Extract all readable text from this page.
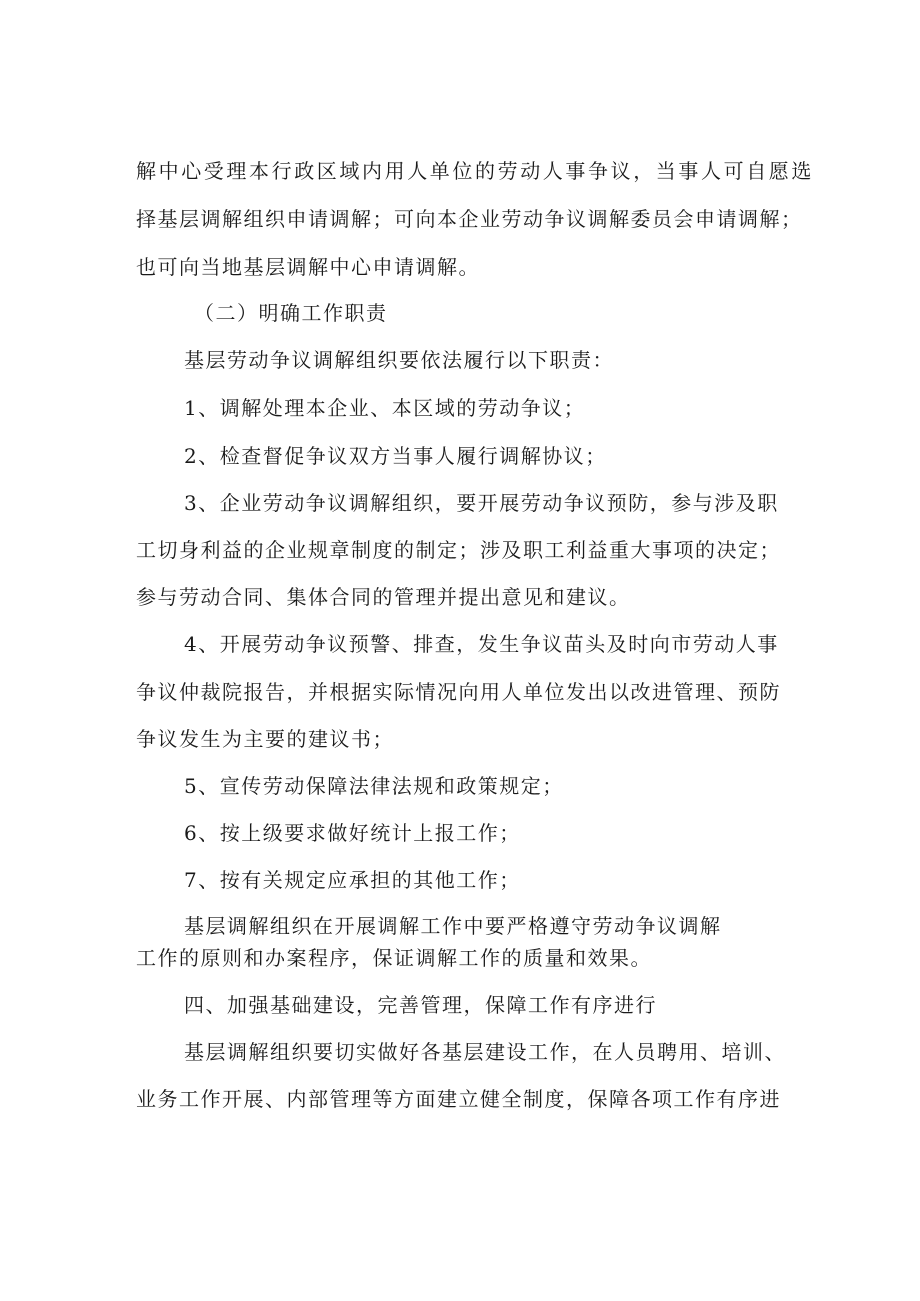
解中心受理本行政区域内用人单位的劳动人事争议，当事人可自愿选
择基层调解组织申请调解；可向本企业劳动争议调解委员会申请调解；
也可向当地基层调解中心申请调解。
（二）明确工作职责
基层劳动争议调解组织要依法履行以下职责：
1、调解处理本企业、本区域的劳动争议；
2、检查督促争议双方当事人履行调解协议；
3、企业劳动争议调解组织，要开展劳动争议预防，参与涉及职
工切身利益的企业规章制度的制定；涉及职工利益重大事项的决定；
参与劳动合同、集体合同的管理并提出意见和建议。
4、开展劳动争议预警、排查，发生争议苗头及时向市劳动人事
争议仲裁院报告，并根据实际情况向用人单位发出以改进管理、预防
争议发生为主要的建议书；
5、宣传劳动保障法律法规和政策规定；
6、按上级要求做好统计上报工作；
7、按有关规定应承担的其他工作；
基层调解组织在开展调解工作中要严格遵守劳动争议调解
工作的原则和办案程序，保证调解工作的质量和效果。
四、加强基础建设，完善管理，保障工作有序进行
基层调解组织要切实做好各基层建设工作，在人员聘用、培训、
业务工作开展、内部管理等方面建立健全制度，保障各项工作有序进
